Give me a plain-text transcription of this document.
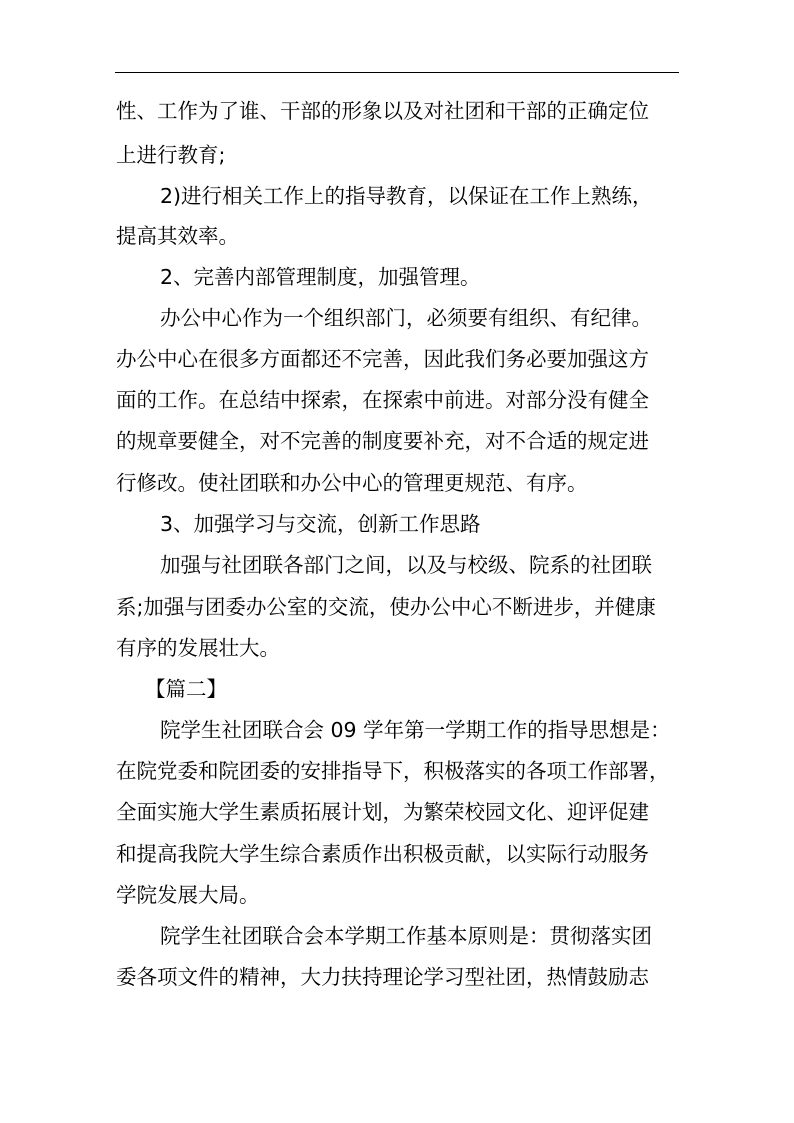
性、工作为了谁、干部的形象以及对社团和干部的正确定位
上进行教育;
2)进行相关工作上的指导教育，以保证在工作上熟练，
提高其效率。
2、完善内部管理制度，加强管理。
办公中心作为一个组织部门，必须要有组织、有纪律。
办公中心在很多方面都还不完善，因此我们务必要加强这方
面的工作。在总结中探索，在探索中前进。对部分没有健全
的规章要健全，对不完善的制度要补充，对不合适的规定进
行修改。使社团联和办公中心的管理更规范、有序。
3、加强学习与交流，创新工作思路
加强与社团联各部门之间，以及与校级、院系的社团联
系;加强与团委办公室的交流，使办公中心不断进步，并健康
有序的发展壮大。
【篇二】
院学生社团联合会 09 学年第一学期工作的指导思想是：
在院党委和院团委的安排指导下，积极落实的各项工作部署，
全面实施大学生素质拓展计划，为繁荣校园文化、迎评促建
和提高我院大学生综合素质作出积极贡献，以实际行动服务
学院发展大局。
院学生社团联合会本学期工作基本原则是：贯彻落实团
委各项文件的精神，大力扶持理论学习型社团，热情鼓励志
